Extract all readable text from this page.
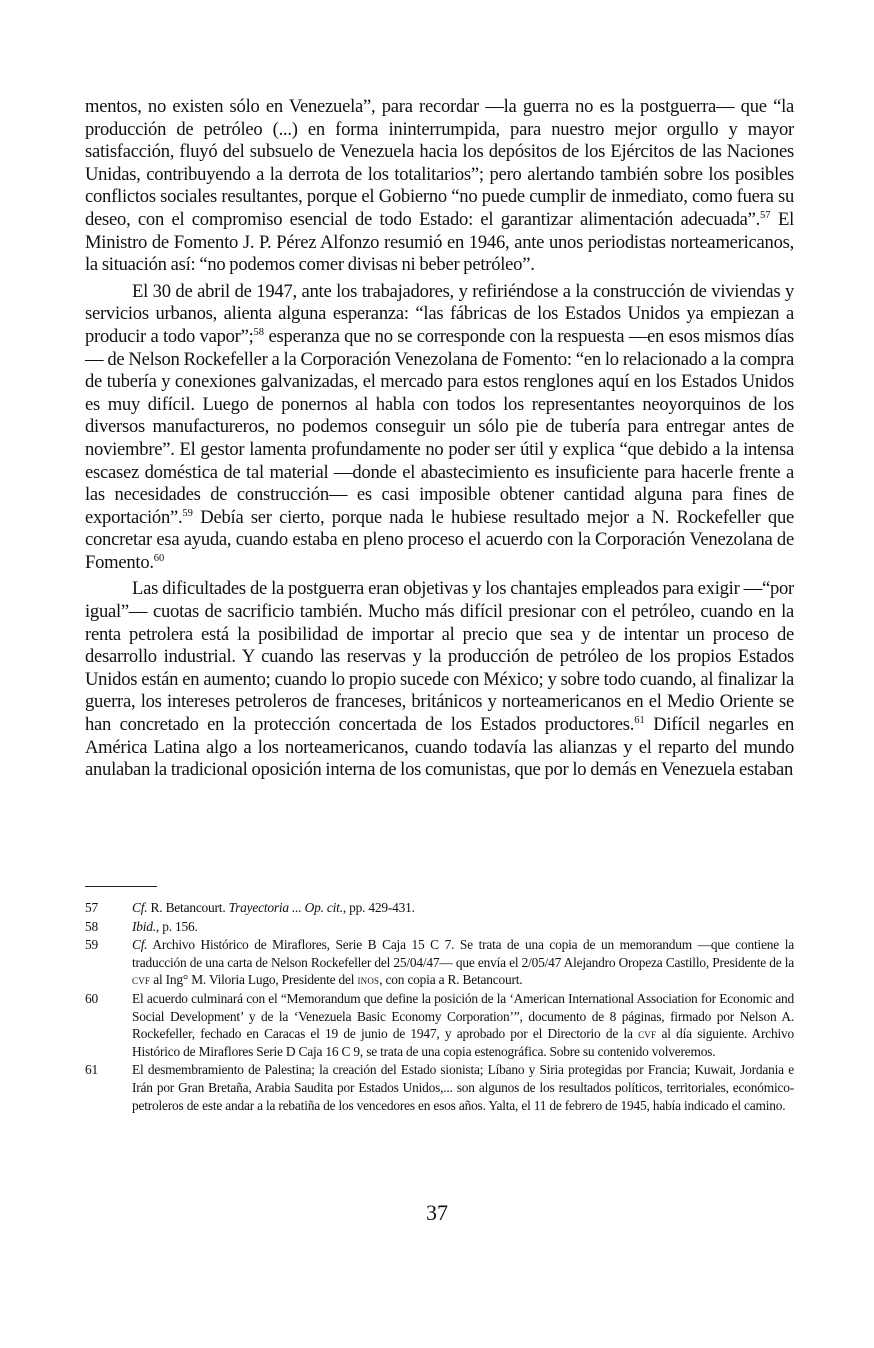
mentos, no existen sólo en Venezuela”, para recordar —la guerra no es la postguerra— que “la producción de petróleo (...) en forma ininterrumpida, para nuestro mejor orgullo y mayor satisfacción, fluyó del subsuelo de Venezuela hacia los depósitos de los Ejércitos de las Naciones Unidas, contribuyendo a la derrota de los totalitarios”; pero alertando también sobre los posibles conflictos sociales resultantes, porque el Gobierno “no puede cumplir de inmediato, como fuera su deseo, con el compromiso esencial de todo Estado: el garantizar alimentación adecuada”.$^{57}$ El Ministro de Fomento J. P. Pérez Alfonzo resumió en 1946, ante unos periodistas norteamericanos, la situación así: “no podemos comer divisas ni beber petróleo”.

El 30 de abril de 1947, ante los trabajadores, y refiriéndose a la construcción de viviendas y servicios urbanos, alienta alguna esperanza: “las fábricas de los Estados Unidos ya empiezan a producir a todo vapor”;$^{58}$ esperanza que no se corresponde con la respuesta —en esos mismos días— de Nelson Rockefeller a la Corporación Venezolana de Fomento: “en lo relacionado a la compra de tubería y conexiones galvanizadas, el mercado para estos renglones aquí en los Estados Unidos es muy difícil. Luego de ponernos al habla con todos los representantes neoyorquinos de los diversos manufactureros, no podemos conseguir un sólo pie de tubería para entregar antes de noviembre”. El gestor lamenta profundamente no poder ser útil y explica “que debido a la intensa escasez doméstica de tal material —donde el abastecimiento es insuficiente para hacerle frente a las necesidades de construcción— es casi imposible obtener cantidad alguna para fines de exportación”.$^{59}$ Debía ser cierto, porque nada le hubiese resultado mejor a N. Rockefeller que concretar esa ayuda, cuando estaba en pleno proceso el acuerdo con la Corporación Venezolana de Fomento.$^{60}$

Las dificultades de la postguerra eran objetivas y los chantajes empleados para exigir —“por igual”— cuotas de sacrificio también. Mucho más difícil presionar con el petróleo, cuando en la renta petrolera está la posibilidad de importar al precio que sea y de intentar un proceso de desarrollo industrial. Y cuando las reservas y la producción de petróleo de los propios Estados Unidos están en aumento; cuando lo propio sucede con México; y sobre todo cuando, al finalizar la guerra, los intereses petroleros de franceses, británicos y norteamericanos en el Medio Oriente se han concretado en la protección concertada de los Estados productores.$^{61}$ Difícil negarles en América Latina algo a los norteamericanos, cuando todavía las alianzas y el reparto del mundo anulaban la tradicional oposición interna de los comunistas, que por lo demás en Venezuela estaban

57	Cf. R. Betancourt. Trayectoria ... Op. cit., pp. 429-431.
58	Ibid., p. 156.
59	Cf. Archivo Histórico de Miraflores, Serie B Caja 15 C 7. Se trata de una copia de un memorandum —que contiene la traducción de una carta de Nelson Rockefeller del 25/04/47— que envía el 2/05/47 Alejandro Oropeza Castillo, Presidente de la cvf al Ing° M. Viloria Lugo, Presidente del inos, con copia a R. Betancourt.
60	El acuerdo culminará con el “Memorandum que define la posición de la ‘American International Association for Economic and Social Development’ y de la ‘Venezuela Basic Economy Corporation’”, documento de 8 páginas, firmado por Nelson A. Rockefeller, fechado en Caracas el 19 de junio de 1947, y aprobado por el Directorio de la cvf al día siguiente. Archivo Histórico de Miraflores Serie D Caja 16 C 9, se trata de una copia estenográfica. Sobre su contenido volveremos.
61	El desmembramiento de Palestina; la creación del Estado sionista; Líbano y Siria protegidas por Francia; Kuwait, Jordania e Irán por Gran Bretaña, Arabia Saudita por Estados Unidos,... son algunos de los resultados políticos, territoriales, económico-petroleros de este andar a la rebatiña de los vencedores en esos años. Yalta, el 11 de febrero de 1945, había indicado el camino.
37
